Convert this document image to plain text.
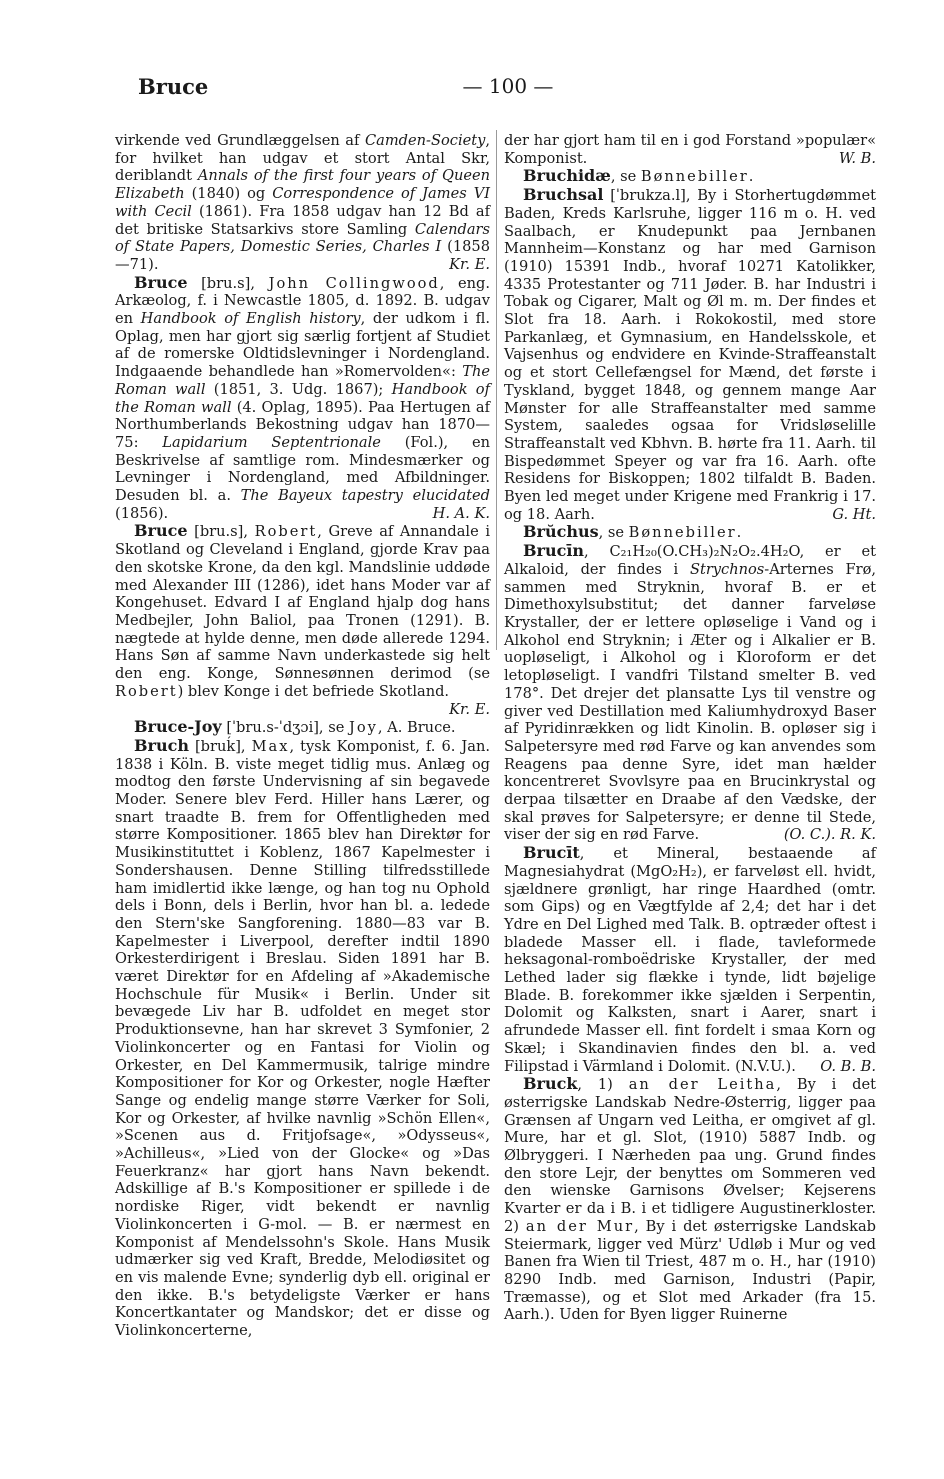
— 100 —
Bruce

virkende ved Grundlæggelsen af Camden-Society, for hvilket han udgav et stort Antal Skr, deriblandt Annals of the first four years of Queen Elizabeth (1840) og Correspondence of James VI with Cecil (1861). Fra 1858 udgav han 12 Bd af det britiske Statsarkivs store Samling Calendars of State Papers, Domestic Series, Charles I (1858—71).	Kr. E.

Bruce [bru.s], John Collingwood, eng. Arkæolog, f. i Newcastle 1805, d. 1892. B. udgav en Handbook of English history, der udkom i fl. Oplag, men har gjort sig særlig fortjent af Studiet af de romerske Oldtidslevninger i Nordengland. Indgaaende behandlede han »Romervolden«: The Roman wall (1851, 3. Udg. 1867); Handbook of the Roman wall (4. Oplag, 1895). Paa Hertugen af Northumberlands Bekostning udgav han 1870—75: Lapidarium Septentrionale (Fol.), en Beskrivelse af samtlige rom. Mindesmærker og Levninger i Nordengland, med Afbildninger. Desuden bl. a. The Bayeux tapestry elucidated (1856).	H. A. K.

Bruce [bru.s], Robert, Greve af Annandale i Skotland og Cleveland i England, gjorde Krav paa den skotske Krone, da den kgl. Mandslinie uddøde med Alexander III (1286), idet hans Moder var af Kongehuset. Edvard I af England hjalp dog hans Medbejler, John Baliol, paa Tronen (1291). B. nægtede at hylde denne, men døde allerede 1294. Hans Søn af samme Navn underkastede sig helt den eng. Konge, Sønnesønnen derimod (se Robert) blev Konge i det befriede Skotland.
Kr. E.

Bruce-Joy [ˈbru.s-ˈdʒɔi], se Joy, A. Bruce.

Bruch [bruḱ], Max, tysk Komponist, f. 6. Jan. 1838 i Köln. B. viste meget tidlig mus. Anlæg og modtog den første Undervisning af sin begavede Moder. Senere blev Ferd. Hiller hans Lærer, og snart traadte B. frem for Offentligheden med større Kompositioner. 1865 blev han Direktør for Musikinstituttet i Koblenz, 1867 Kapelmester i Sondershausen. Denne Stilling tilfredsstillede ham imidlertid ikke længe, og han tog nu Ophold dels i Bonn, dels i Berlin, hvor han bl. a. ledede den Stern'ske Sangforening. 1880—83 var B. Kapelmester i Liverpool, derefter indtil 1890 Orkesterdirigent i Breslau. Siden 1891 har B. været Direktør for en Afdeling af »Akademische Hochschule für Musik« i Berlin. Under sit bevægede Liv har B. udfoldet en meget stor Produktionsevne, han har skrevet 3 Symfonier, 2 Violinkoncerter og en Fantasi for Violin og Orkester, en Del Kammermusik, talrige mindre Kompositioner for Kor og Orkester, nogle Hæfter Sange og endelig mange større Værker for Soli, Kor og Orkester, af hvilke navnlig »Schön Ellen«, »Scenen aus d. Fritjofsage«, »Odysseus«, »Achilleus«, »Lied von der Glocke« og »Das Feuerkranz« har gjort hans Navn bekendt. Adskillige af B.'s Kompositioner er spillede i de nordiske Riger, vidt bekendt er navnlig Violinkoncerten i G-mol. — B. er nærmest en Komponist af Mendelssohn's Skole. Hans Musik udmærker sig ved Kraft, Bredde, Melodiøsitet og en vis malende Evne; synderlig dyb ell. original er den ikke. B.'s betydeligste Værker er hans Koncertkantater og Mandskor; det er disse og Violinkoncerterne,

der har gjort ham til en i god Forstand »populær« Komponist.	W. B.

Bruchidæ, se Bønnebiller.

Bruchsal [ˈbrukza.l], By i Storhertugdømmet Baden, Kreds Karlsruhe, ligger 116 m o. H. ved Saalbach, er Knudepunkt paa Jernbanen Mannheim—Konstanz og har med Garnison (1910) 15391 Indb., hvoraf 10271 Katolikker, 4335 Protestanter og 711 Jøder. B. har Industri i Tobak og Cigarer, Malt og Øl m. m. Der findes et Slot fra 18. Aarh. i Rokokostil, med store Parkanlæg, et Gymnasium, en Handelsskole, et Vajsenhus og endvidere en Kvinde-Straffeanstalt og et stort Cellefængsel for Mænd, det første i Tyskland, bygget 1848, og gennem mange Aar Mønster for alle Straffeanstalter med samme System, saaledes ogsaa for Vridsløselille Straffeanstalt ved Kbhvn. B. hørte fra 11. Aarh. til Bispedømmet Speyer og var fra 16. Aarh. ofte Residens for Biskoppen; 1802 tilfaldt B. Baden. Byen led meget under Krigene med Frankrig i 17. og 18. Aarh.	G. Ht.

Brŭchus, se Bønnebiller.

Brucīn, C₂₁H₂₀(O.CH₃)₂N₂O₂.4H₂O, er et Alkaloid, der findes i Strychnos-Arternes Frø, sammen med Stryknin, hvoraf B. er et Dimethoxylsubstitut; det danner farveløse Krystaller, der er lettere opløselige i Vand og i Alkohol end Stryknin; i Æter og i Alkalier er B. uopløseligt, i Alkohol og i Kloroform er det letopløseligt. I vandfri Tilstand smelter B. ved 178°. Det drejer det plansatte Lys til venstre og giver ved Destillation med Kaliumhydroxyd Baser af Pyridinrækken og lidt Kinolin. B. opløser sig i Salpetersyre med rød Farve og kan anvendes som Reagens paa denne Syre, idet man hælder koncentreret Svovlsyre paa en Brucinkrystal og derpaa tilsætter en Draabe af den Vædske, der skal prøves for Salpetersyre; er denne til Stede, viser der sig en rød Farve.	(O. C.). R. K.

Brucīt, et Mineral, bestaaende af Magnesiahydrat (MgO₂H₂), er farveløst ell. hvidt, sjældnere grønligt, har ringe Haardhed (omtr. som Gips) og en Vægtfylde af 2,4; det har i det Ydre en Del Lighed med Talk. B. optræder oftest i bladede Masser ell. i flade, tavleformede heksagonal-romboëdriske Krystaller, der med Lethed lader sig flække i tynde, lidt bøjelige Blade. B. forekommer ikke sjælden i Serpentin, Dolomit og Kalksten, snart i Aarer, snart i afrundede Masser ell. fint fordelt i smaa Korn og Skæl; i Skandinavien findes den bl. a. ved Filipstad i Värmland i Dolomit. (N.V.U.).	O. B. B.

Bruck, 1) an der Leitha, By i det østerrigske Landskab Nedre-Østerrig, ligger paa Grænsen af Ungarn ved Leitha, er omgivet af gl. Mure, har et gl. Slot, (1910) 5887 Indb. og Ølbryggeri. I Nærheden paa ung. Grund findes den store Lejr, der benyttes om Sommeren ved den wienske Garnisons Øvelser; Kejserens Kvarter er da i B. i et tidligere Augustinerkloster. 2) an der Mur, By i det østerrigske Landskab Steiermark, ligger ved Mürz' Udløb i Mur og ved Banen fra Wien til Triest, 487 m o. H., har (1910) 8290 Indb. med Garnison, Industri (Papir, Træmasse), og et Slot med Arkader (fra 15. Aarh.). Uden for Byen ligger Ruinerne
